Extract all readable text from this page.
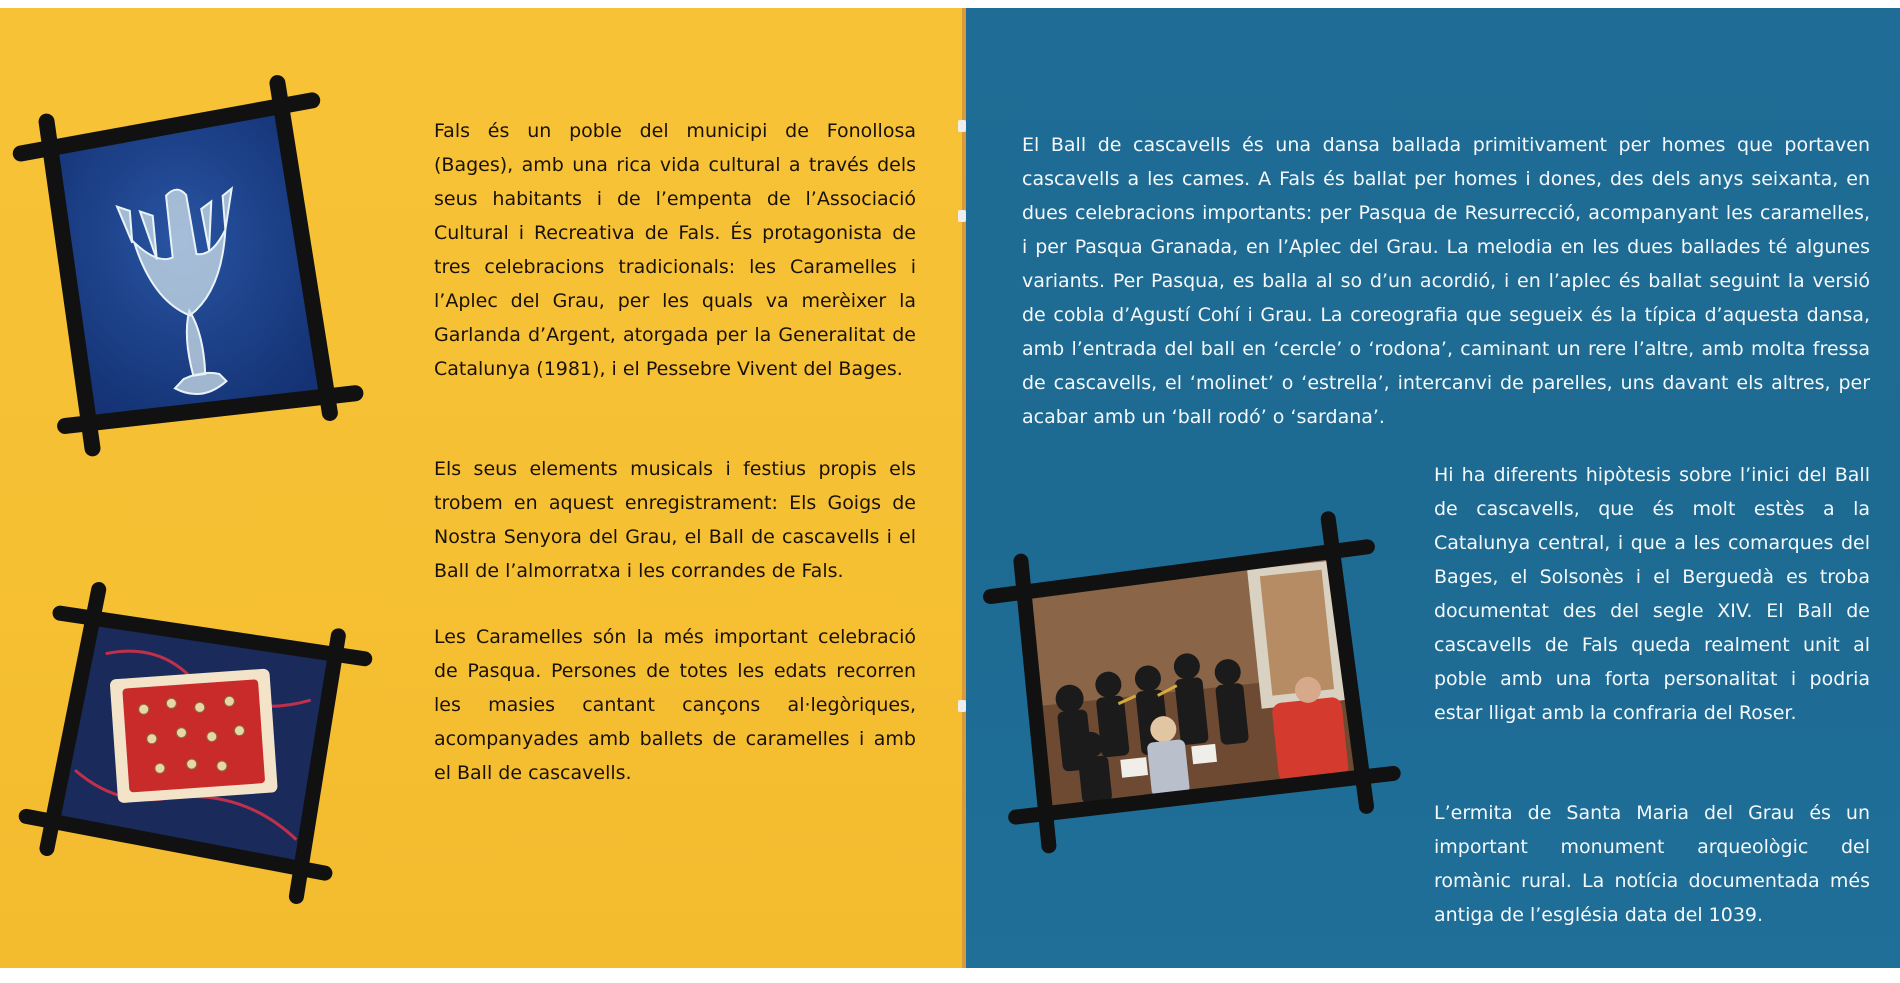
Fals és un poble del municipi de Fonollosa (Bages), amb una rica vida cultural a través dels seus habitants i de l’empenta de l’Associació Cultural i Recreativa de Fals. És protagonista de tres celebracions tradicionals: les Caramelles i l’Aplec del Grau, per les quals va merèixer la Garlanda d’Argent, atorgada per la Generalitat de Catalunya (1981), i el Pessebre Vivent del Bages.
Els seus elements musicals i festius propis els trobem en aquest enregistrament: Els Goigs de Nostra Senyora del Grau, el Ball de cascavells i el Ball de l’almorratxa i les corrandes de Fals.
Les Caramelles són la més important celebració de Pasqua. Persones de totes les edats recorren les masies cantant cançons al·legòriques, acompanyades amb ballets de caramelles i amb el Ball de cascavells.
El Ball de cascavells és una dansa ballada primitivament per homes que portaven cascavells a les cames. A Fals és ballat per homes i dones, des dels anys seixanta, en dues celebracions importants: per Pasqua de Resurrecció, acompanyant les caramelles, i per Pasqua Granada, en l’Aplec del Grau. La melodia en les dues ballades té algunes variants. Per Pasqua, es balla al so d’un acordió, i en l’aplec és ballat seguint la versió de cobla d’Agustí Cohí i Grau. La coreografia que segueix és la típica d’aquesta dansa, amb l’entrada del ball en ‘cercle’ o ‘rodona’, caminant un rere l’altre, amb molta fressa de cascavells, el ‘molinet’ o ‘estrella’, intercanvi de parelles, uns davant els altres, per acabar amb un ‘ball rodó’ o ‘sardana’.
Hi ha diferents hipòtesis sobre l’inici del Ball de cascavells, que és molt estès a la Catalunya central, i que a les comarques del Bages, el Solsonès i el Berguedà es troba documentat des del segle XIV. El Ball de cascavells de Fals queda realment unit al poble amb una forta personalitat i podria estar lligat amb la confraria del Roser.
L’ermita de Santa Maria del Grau és un important monument arqueològic del romànic rural. La notícia documentada més antiga de l’església data del 1039.
